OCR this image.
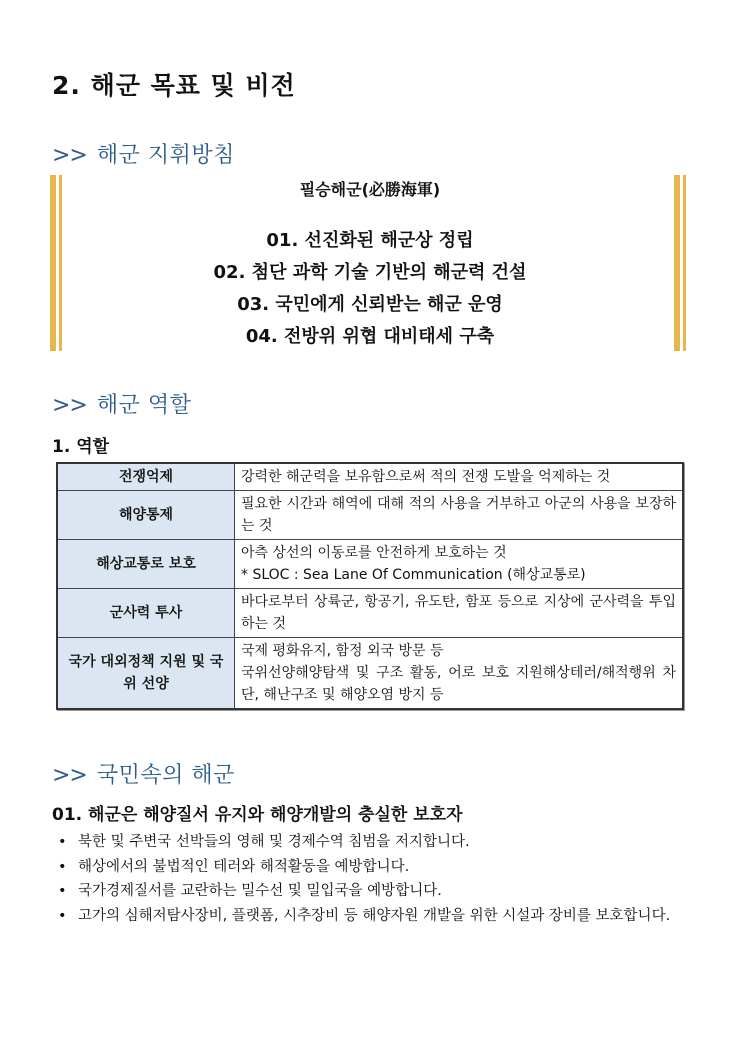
2. 해군 목표 및 비전
>> 해군 지휘방침
필승해군(必勝海軍)
01. 선진화된 해군상 정립
02. 첨단 과학 기술 기반의 해군력 건설
03. 국민에게 신뢰받는 해군 운영
04. 전방위 위협 대비태세 구축
>> 해군 역할
1. 역할
전쟁억제	강력한 해군력을 보유함으로써 적의 전쟁 도발을 억제하는 것

해양통제	필요한 시간과 해역에 대해 적의 사용을 거부하고 아군의 사용을 보장하는 것

해상교통로 보호	아측 상선의 이동로를 안전하게 보호하는 것
* SLOC : Sea Lane Of Communication (해상교통로)

군사력 투사	바다로부터 상륙군, 항공기, 유도탄, 함포 등으로 지상에 군사력을 투입하는 것

국가 대외정책 지원 및 국위 선양	국제 평화유지, 함정 외국 방문 등
국위선양해양탐색 및 구조 활동, 어로 보호 지원해상테러/해적행위 차단, 해난구조 및 해양오염 방지 등
>> 국민속의 해군
01. 해군은 해양질서 유지와 해양개발의 충실한 보호자
• 북한 및 주변국 선박들의 영해 및 경제수역 침범을 저지합니다.
• 해상에서의 불법적인 테러와 해적활동을 예방합니다.
• 국가경제질서를 교란하는 밀수선 및 밀입국을 예방합니다.
• 고가의 심해저탐사장비, 플랫폼, 시추장비 등 해양자원 개발을 위한 시설과 장비를 보호합니다.
